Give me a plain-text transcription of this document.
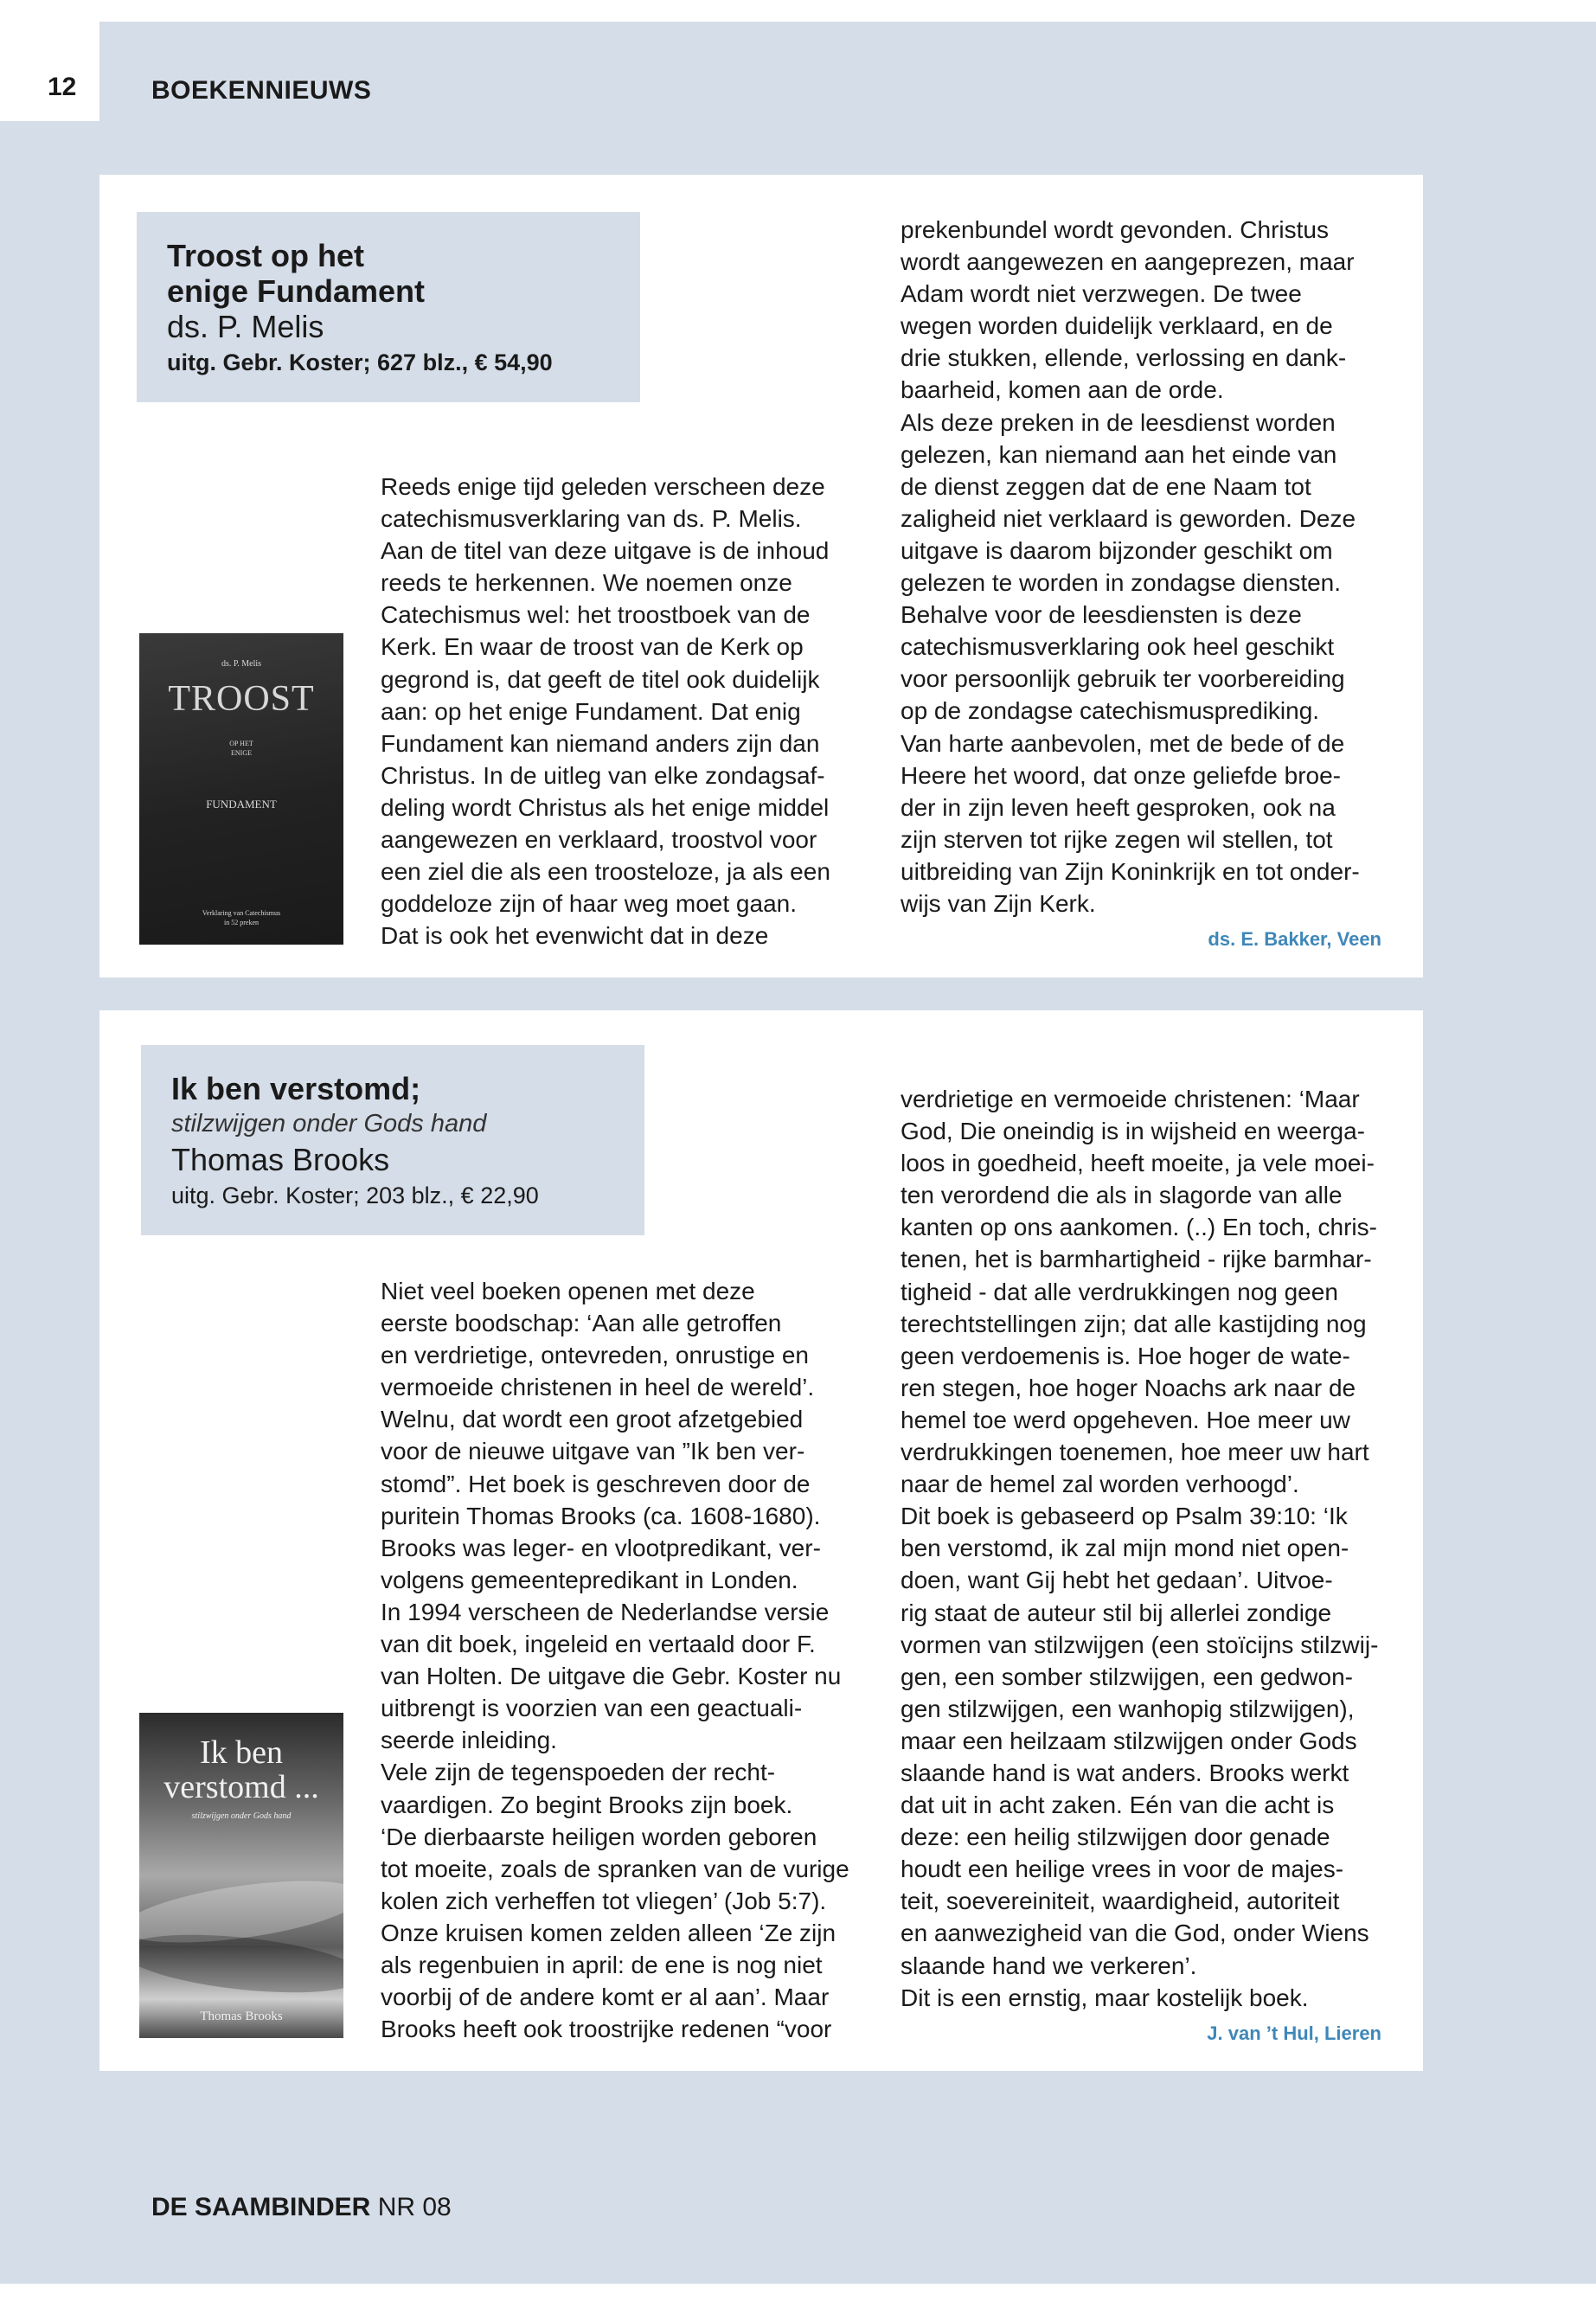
12	BOEKENNIEUWS
Troost op het
enige Fundament
ds. P. Melis
uitg. Gebr. Koster; 627 blz., € 54,90
ds. P. Melis
TROOST
OP HET
ENIGE
FUNDAMENT
Verklaring van Catechismus
in 52 preken
Reeds enige tijd geleden verscheen deze
catechismusverklaring van ds. P. Melis.
Aan de titel van deze uitgave is de inhoud
reeds te herkennen. We noemen onze
Catechismus wel: het troostboek van de
Kerk. En waar de troost van de Kerk op
gegrond is, dat geeft de titel ook duidelijk
aan: op het enige Fundament. Dat enig
Fundament kan niemand anders zijn dan
Christus. In de uitleg van elke zondagsaf-
deling wordt Christus als het enige middel
aangewezen en verklaard, troostvol voor
een ziel die als een troosteloze, ja als een
goddeloze zijn of haar weg moet gaan.
Dat is ook het evenwicht dat in deze
prekenbundel wordt gevonden. Christus
wordt aangewezen en aangeprezen, maar
Adam wordt niet verzwegen. De twee
wegen worden duidelijk verklaard, en de
drie stukken, ellende, verlossing en dank-
baarheid, komen aan de orde.
Als deze preken in de leesdienst worden
gelezen, kan niemand aan het einde van
de dienst zeggen dat de ene Naam tot
zaligheid niet verklaard is geworden. Deze
uitgave is daarom bijzonder geschikt om
gelezen te worden in zondagse diensten.
Behalve voor de leesdiensten is deze
catechismusverklaring ook heel geschikt
voor persoonlijk gebruik ter voorbereiding
op de zondagse catechismusprediking.
Van harte aanbevolen, met de bede of de
Heere het woord, dat onze geliefde broe-
der in zijn leven heeft gesproken, ook na
zijn sterven tot rijke zegen wil stellen, tot
uitbreiding van Zijn Koninkrijk en tot onder-
wijs van Zijn Kerk.
ds. E. Bakker, Veen
Ik ben verstomd;
stilzwijgen onder Gods hand
Thomas Brooks
uitg. Gebr. Koster; 203 blz., € 22,90
Ik ben
verstomd ...
stilzwijgen onder Gods hand
Thomas Brooks
Niet veel boeken openen met deze
eerste boodschap: ‘Aan alle getroffen
en verdrietige, ontevreden, onrustige en
vermoeide christenen in heel de wereld’.
Welnu, dat wordt een groot afzetgebied
voor de nieuwe uitgave van ”Ik ben ver-
stomd”. Het boek is geschreven door de
puritein Thomas Brooks (ca. 1608-1680).
Brooks was leger- en vlootpredikant, ver-
volgens gemeentepredikant in Londen.
In 1994 verscheen de Nederlandse versie
van dit boek, ingeleid en vertaald door F.
van Holten. De uitgave die Gebr. Koster nu
uitbrengt is voorzien van een geactuali-
seerde inleiding.
Vele zijn de tegenspoeden der recht-
vaardigen. Zo begint Brooks zijn boek.
‘De dierbaarste heiligen worden geboren
tot moeite, zoals de spranken van de vurige
kolen zich verheffen tot vliegen’ (Job 5:7).
Onze kruisen komen zelden alleen ‘Ze zijn
als regenbuien in april: de ene is nog niet
voorbij of de andere komt er al aan’. Maar
Brooks heeft ook troostrijke redenen “voor
verdrietige en vermoeide christenen: ‘Maar
God, Die oneindig is in wijsheid en weerga-
loos in goedheid, heeft moeite, ja vele moei-
ten verordend die als in slagorde van alle
kanten op ons aankomen. (..) En toch, chris-
tenen, het is barmhartigheid - rijke barmhar-
tigheid - dat alle verdrukkingen nog geen
terechtstellingen zijn; dat alle kastijding nog
geen verdoemenis is. Hoe hoger de wate-
ren stegen, hoe hoger Noachs ark naar de
hemel toe werd opgeheven. Hoe meer uw
verdrukkingen toenemen, hoe meer uw hart
naar de hemel zal worden verhoogd’.
Dit boek is gebaseerd op Psalm 39:10: ‘Ik
ben verstomd, ik zal mijn mond niet open-
doen, want Gij hebt het gedaan’. Uitvoe-
rig staat de auteur stil bij allerlei zondige
vormen van stilzwijgen (een stoïcijns stilzwij-
gen, een somber stilzwijgen, een gedwon-
gen stilzwijgen, een wanhopig stilzwijgen),
maar een heilzaam stilzwijgen onder Gods
slaande hand is wat anders. Brooks werkt
dat uit in acht zaken. Eén van die acht is
deze: een heilig stilzwijgen door genade
houdt een heilige vrees in voor de majes-
teit, soevereiniteit, waardigheid, autoriteit
en aanwezigheid van die God, onder Wiens
slaande hand we verkeren’.
Dit is een ernstig, maar kostelijk boek.
J. van ’t Hul, Lieren
DE SAAMBINDER NR 08
